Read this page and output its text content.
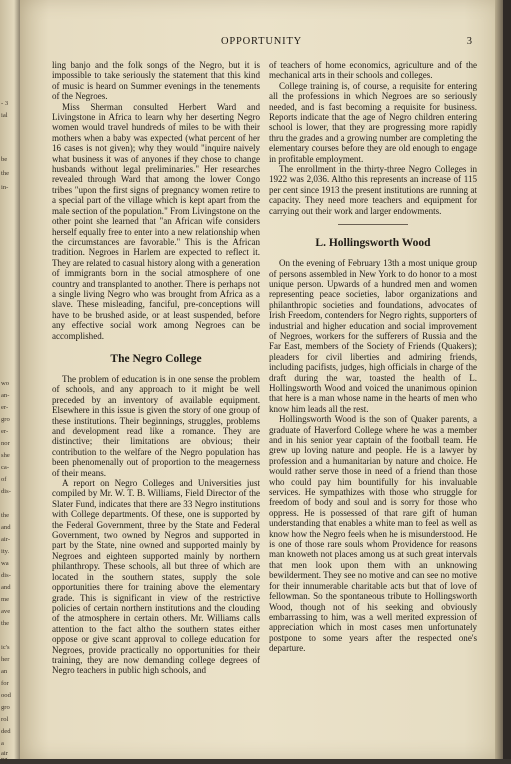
- 3
ial
be
the
in-
wo
an-
er-
gro
er-
nor
she
ca-
of
dis-
the
and
air-
ity.
wa
dis-
and
me
ave
the
ic's
her
an
for
ood
gro
rol
ded
a
air
ng
OPPORTUNITY	3

ling banjo and the folk songs of the Negro, but it is impossible to take seriously the statement that this kind of music is heard on Summer evenings in the tenements of the Negroes.

Miss Sherman consulted Herbert Ward and Livingstone in Africa to learn why her deserting Negro women would travel hundreds of miles to be with their mothers when a baby was expected (what percent of her 16 cases is not given); why they would "inquire naively what business it was of anyones if they chose to change husbands without legal preliminaries." Her researches revealed through Ward that among the lower Congo tribes "upon the first signs of pregnancy women retire to a special part of the village which is kept apart from the male section of the population." From Livingstone on the other point she learned that "an African wife considers herself equally free to enter into a new relationship when the circumstances are favorable." This is the African tradition. Negroes in Harlem are expected to reflect it. They are related to casual history along with a generation of immigrants born in the social atmosphere of one country and transplanted to another. There is perhaps not a single living Negro who was brought from Africa as a slave. These misleading, fanciful, pre-conceptions will have to be brushed aside, or at least suspended, before any effective social work among Negroes can be accomplished.

The Negro College

The problem of education is in one sense the problem of schools, and any approach to it might be well preceded by an inventory of available equipment. Elsewhere in this issue is given the story of one group of these institutions. Their beginnings, struggles, problems and development read like a romance. They are distinctive; their limitations are obvious; their contribution to the welfare of the Negro population has been phenomenally out of proportion to the meagerness of their means.

A report on Negro Colleges and Universities just compiled by Mr. W. T. B. Williams, Field Director of the Slater Fund, indicates that there are 33 Negro institutions with College departments. Of these, one is supported by the Federal Government, three by the State and Federal Government, two owned by Negros and supported in part by the State, nine owned and supported mainly by Negroes and eighteen supported mainly by northern philanthropy. These schools, all but three of which are located in the southern states, supply the sole opportunities there for training above the elementary grade. This is significant in view of the restrictive policies of certain northern institutions and the clouding of the atmosphere in certain others. Mr. Williams calls attention to the fact altho the southern states either oppose or give scant approval to college education for Negroes, provide practically no opportunities for their training, they are now demanding college degrees of Negro teachers in public high schools, and

of teachers of home economics, agriculture and of the mechanical arts in their schools and colleges.

College training is, of course, a requisite for entering all the professions in which Negroes are so seriously needed, and is fast becoming a requisite for business. Reports indicate that the age of Negro children entering school is lower, that they are progressing more rapidly thru the grades and a growing number are completing the elementary courses before they are old enough to engage in profitable employment.

The enrollment in the thirty-three Negro Colleges in 1922 was 2,036. Altho this represents an increase of 115 per cent since 1913 the present institutions are running at capacity. They need more teachers and equipment for carrying out their work and larger endowments.

L. Hollingsworth Wood

On the evening of February 13th a most unique group of persons assembled in New York to do honor to a most unique person. Upwards of a hundred men and women representing peace societies, labor organizations and philanthropic societies and foundations, advocates of Irish Freedom, contenders for Negro rights, supporters of industrial and higher education and social improvement of Negroes, workers for the sufferers of Russia and the Far East, members of the Society of Friends (Quakers); pleaders for civil liberties and admiring friends, including pacifists, judges, high officials in charge of the draft during the war, toasted the health of L. Hollingsworth Wood and voiced the unanimous opinion that here is a man whose name in the hearts of men who know him leads all the rest.

Hollingsworth Wood is the son of Quaker parents, a graduate of Haverford College where he was a member and in his senior year captain of the football team. He grew up loving nature and people. He is a lawyer by profession and a humanitarian by nature and choice. He would rather serve those in need of a friend than those who could pay him bountifully for his invaluable services. He sympathizes with those who struggle for freedom of body and soul and is sorry for those who oppress. He is possessed of that rare gift of human understanding that enables a white man to feel as well as know how the Negro feels when he is misunderstood. He is one of those rare souls whom Providence for reasons man knoweth not places among us at such great intervals that men look upon them with an unknowing bewilderment. They see no motive and can see no motive for their innumerable charitable acts but that of love of fellowman. So the spontaneous tribute to Hollingsworth Wood, though not of his seeking and obviously embarrassing to him, was a well merited expression of appreciation which in most cases men unfortunately postpone to some years after the respected one's departure.
